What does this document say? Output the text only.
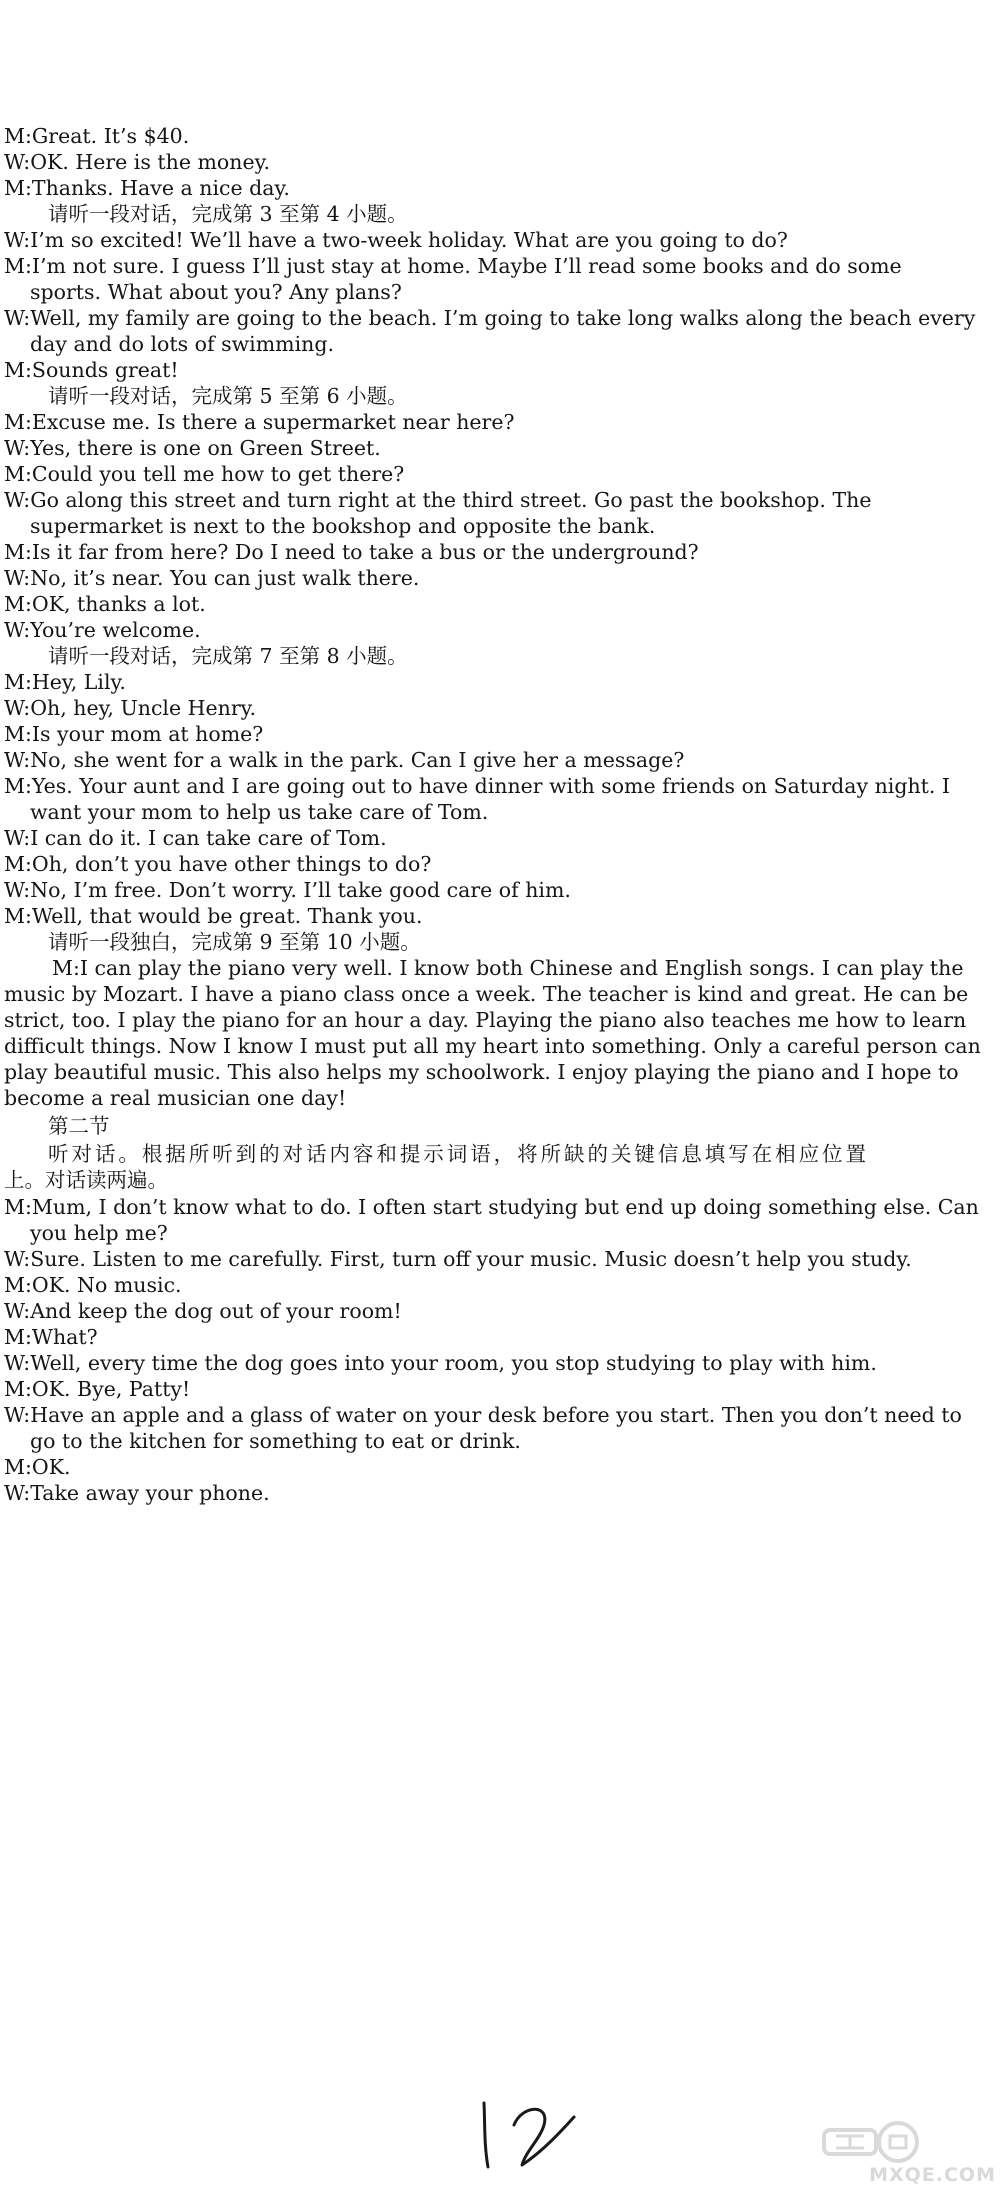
M:Great. It’s $40.
W:OK. Here is the money.
M:Thanks. Have a nice day.
请听一段对话，完成第 3 至第 4 小题。
W:I’m so excited! We’ll have a two-week holiday. What are you going to do?
M:I’m not sure. I guess I’ll just stay at home. Maybe I’ll read some books and do some
sports. What about you? Any plans?
W:Well, my family are going to the beach. I’m going to take long walks along the beach every
day and do lots of swimming.
M:Sounds great!
请听一段对话，完成第 5 至第 6 小题。
M:Excuse me. Is there a supermarket near here?
W:Yes, there is one on Green Street.
M:Could you tell me how to get there?
W:Go along this street and turn right at the third street. Go past the bookshop. The
supermarket is next to the bookshop and opposite the bank.
M:Is it far from here? Do I need to take a bus or the underground?
W:No, it’s near. You can just walk there.
M:OK, thanks a lot.
W:You’re welcome.
请听一段对话，完成第 7 至第 8 小题。
M:Hey, Lily.
W:Oh, hey, Uncle Henry.
M:Is your mom at home?
W:No, she went for a walk in the park. Can I give her a message?
M:Yes. Your aunt and I are going out to have dinner with some friends on Saturday night. I
want your mom to help us take care of Tom.
W:I can do it. I can take care of Tom.
M:Oh, don’t you have other things to do?
W:No, I’m free. Don’t worry. I’ll take good care of him.
M:Well, that would be great. Thank you.
请听一段独白，完成第 9 至第 10 小题。
M:I can play the piano very well. I know both Chinese and English songs. I can play the
music by Mozart. I have a piano class once a week. The teacher is kind and great. He can be
strict, too. I play the piano for an hour a day. Playing the piano also teaches me how to learn
difficult things. Now I know I must put all my heart into something. Only a careful person can
play beautiful music. This also helps my schoolwork. I enjoy playing the piano and I hope to
become a real musician one day!
第二节
听对话。根据所听到的对话内容和提示词语，将所缺的关键信息填写在相应位置
上。对话读两遍。
M:Mum, I don’t know what to do. I often start studying but end up doing something else. Can
you help me?
W:Sure. Listen to me carefully. First, turn off your music. Music doesn’t help you study.
M:OK. No music.
W:And keep the dog out of your room!
M:What?
W:Well, every time the dog goes into your room, you stop studying to play with him.
M:OK. Bye, Patty!
W:Have an apple and a glass of water on your desk before you start. Then you don’t need to
go to the kitchen for something to eat or drink.
M:OK.
W:Take away your phone.
MXQE.COM
